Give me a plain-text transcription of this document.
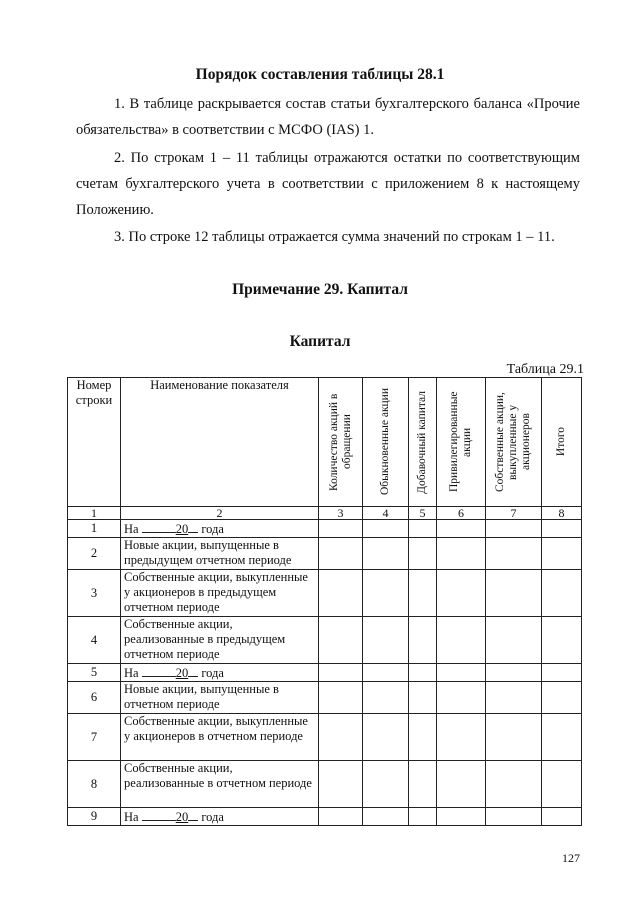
Порядок составления таблицы 28.1

1. В таблице раскрывается состав статьи бухгалтерского баланса «Прочие обязательства» в соответствии с МСФО (IAS) 1.

2. По строкам 1 – 11 таблицы отражаются остатки по соответствующим счетам бухгалтерского учета в соответствии с приложением 8 к настоящему Положению.

3. По строке 12 таблицы отражается сумма значений по строкам 1 – 11.

Примечание 29. Капитал
Капитал
Таблица 29.1
Номер строки	Наименование показателя	Количество акций в обращении	Обыкновенные акции	Добавочный капитал	Привилегированные акции	Собственные акции, выкупленные у акционеров	Итого

1	2	3	4	5	6	7	8
1	На 20 года						
2	Новые акции, выпущенные в предыдущем отчетном периоде						
3	Собственные акции, выкупленные у акционеров в предыдущем отчетном периоде						
4	Собственные акции, реализованные в предыдущем отчетном периоде						
5	На 20 года						
6	Новые акции, выпущенные в отчетном периоде						
7	Собственные акции, выкупленные у акционеров в отчетном периоде						
8	Собственные акции, реализованные в отчетном периоде						
9	На 20 года						
127
